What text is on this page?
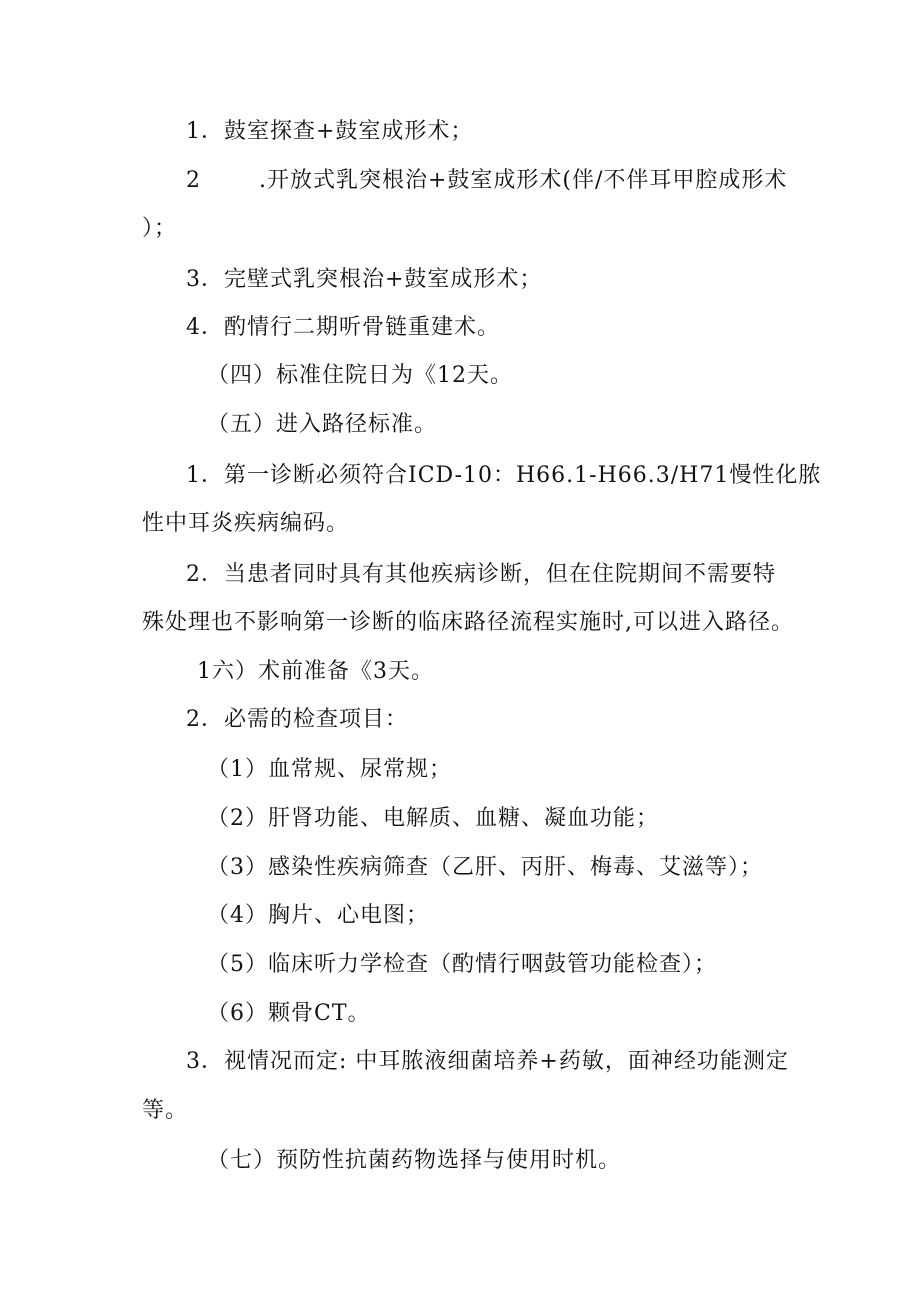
1．鼓室探查+鼓室成形术；
2	.开放式乳突根治+鼓室成形术(伴/不伴耳甲腔成形术
）；
3．完壁式乳突根治+鼓室成形术；
4．酌情行二期听骨链重建术。
（四）标准住院日为《12天。
（五）进入路径标准。
1．第一诊断必须符合ICD-10：H66.1-H66.3/H71慢性化脓
性中耳炎疾病编码。
2．当患者同时具有其他疾病诊断，但在住院期间不需要特
殊处理也不影响第一诊断的临床路径流程实施时,可以进入路径。
1六）术前准备《3天。
2．必需的检查项目：
（1）血常规、尿常规；
（2）肝肾功能、电解质、血糖、凝血功能；
（3）感染性疾病筛查（乙肝、丙肝、梅毒、艾滋等）；
（4）胸片、心电图；
（5）临床听力学检查（酌情行咽鼓管功能检查）；
（6）颗骨CT。
3．视情况而定: 中耳脓液细菌培养+药敏，面神经功能测定
等。
（七）预防性抗菌药物选择与使用时机。
